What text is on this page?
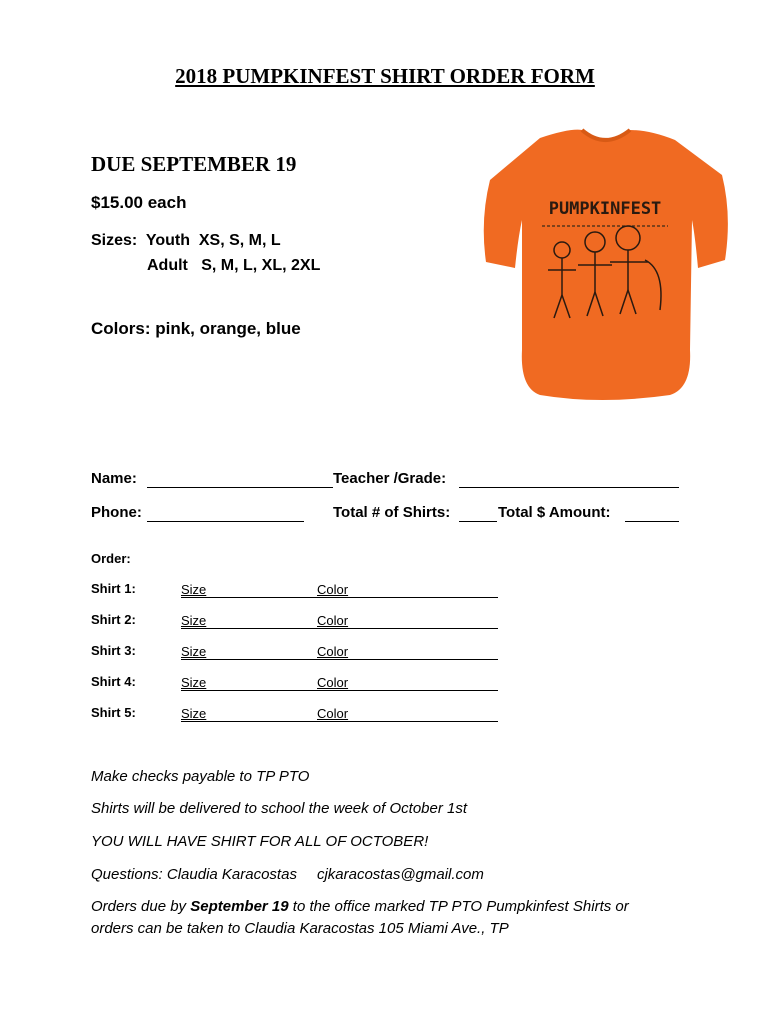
2018 PUMPKINFEST SHIRT ORDER FORM
DUE SEPTEMBER 19
$15.00 each
Sizes:  Youth  XS, S, M, L
Adult   S, M, L, XL, 2XL
Colors: pink, orange, blue
PUMPKINFEST
Name:	Teacher /Grade:
Phone:	Total # of Shirts:	Total $ Amount:
Order:
Shirt 1:	Size	Color
Shirt 2:	Size	Color
Shirt 3:	Size	Color
Shirt 4:	Size	Color
Shirt 5:	Size	Color
Make checks payable to TP PTO
Shirts will be delivered to school the week of October 1st
YOU WILL HAVE SHIRT FOR ALL OF OCTOBER!
Questions: Claudia Karacostas cjkaracostas@gmail.com
Orders due by September 19 to the office marked TP PTO Pumpkinfest Shirts or
orders can be taken to Claudia Karacostas 105 Miami Ave., TP
